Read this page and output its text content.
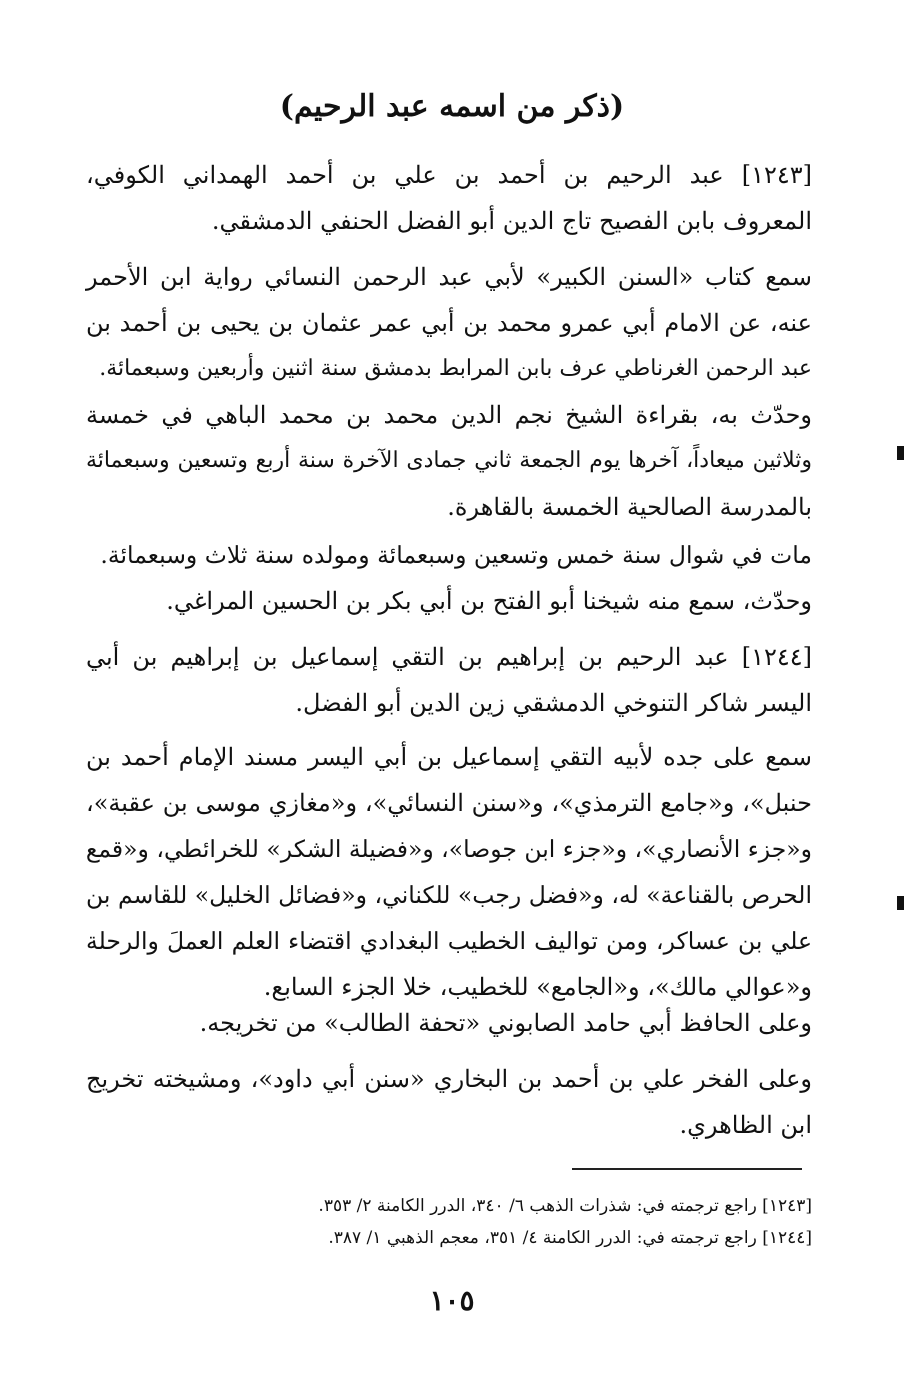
(ذكر من اسمه عبد الرحيم)
[١٢٤٣] عبد الرحيم بن أحمد بن علي بن أحمد الهمداني الكوفي،
المعروف بابن الفصيح تاج الدين أبو الفضل الحنفي الدمشقي.
سمع كتاب «السنن الكبير» لأبي عبد الرحمن النسائي رواية ابن الأحمر
عنه، عن الامام أبي عمرو محمد بن أبي عمر عثمان بن يحيى بن أحمد بن
عبد الرحمن الغرناطي عرف بابن المرابط بدمشق سنة اثنين وأربعين وسبعمائة.
وحدّث به، بقراءة الشيخ نجم الدين محمد بن محمد الباهي في خمسة
وثلاثين ميعاداً، آخرها يوم الجمعة ثاني جمادى الآخرة سنة أربع وتسعين وسبعمائة
بالمدرسة الصالحية الخمسة بالقاهرة.
مات في شوال سنة خمس وتسعين وسبعمائة ومولده سنة ثلاث وسبعمائة.
وحدّث، سمع منه شيخنا أبو الفتح بن أبي بكر بن الحسين المراغي.
[١٢٤٤] عبد الرحيم بن إبراهيم بن التقي إسماعيل بن إبراهيم بن أبي
اليسر شاكر التنوخي الدمشقي زين الدين أبو الفضل.
سمع على جده لأبيه التقي إسماعيل بن أبي اليسر مسند الإمام أحمد بن
حنبل»، و«جامع الترمذي»، و«سنن النسائي»، و«مغازي موسى بن عقبة»،
و«جزء الأنصاري»، و«جزء ابن جوصا»، و«فضيلة الشكر» للخرائطي، و«قمع
الحرص بالقناعة» له، و«فضل رجب» للكناني، و«فضائل الخليل» للقاسم بن
علي بن عساكر، ومن تواليف الخطيب البغدادي اقتضاء العلم العملَ والرحلة
و«عوالي مالك»، و«الجامع» للخطيب، خلا الجزء السابع.
وعلى الحافظ أبي حامد الصابوني «تحفة الطالب» من تخريجه.
وعلى الفخر علي بن أحمد بن البخاري «سنن أبي داود»، ومشيخته تخريج
ابن الظاهري.
[١٢٤٣] راجع ترجمته في: شذرات الذهب ٦/ ٣٤٠، الدرر الكامنة ٢/ ٣٥٣.
[١٢٤٤] راجع ترجمته في: الدرر الكامنة ٤/ ٣٥١، معجم الذهبي ١/ ٣٨٧.
١٠٥
